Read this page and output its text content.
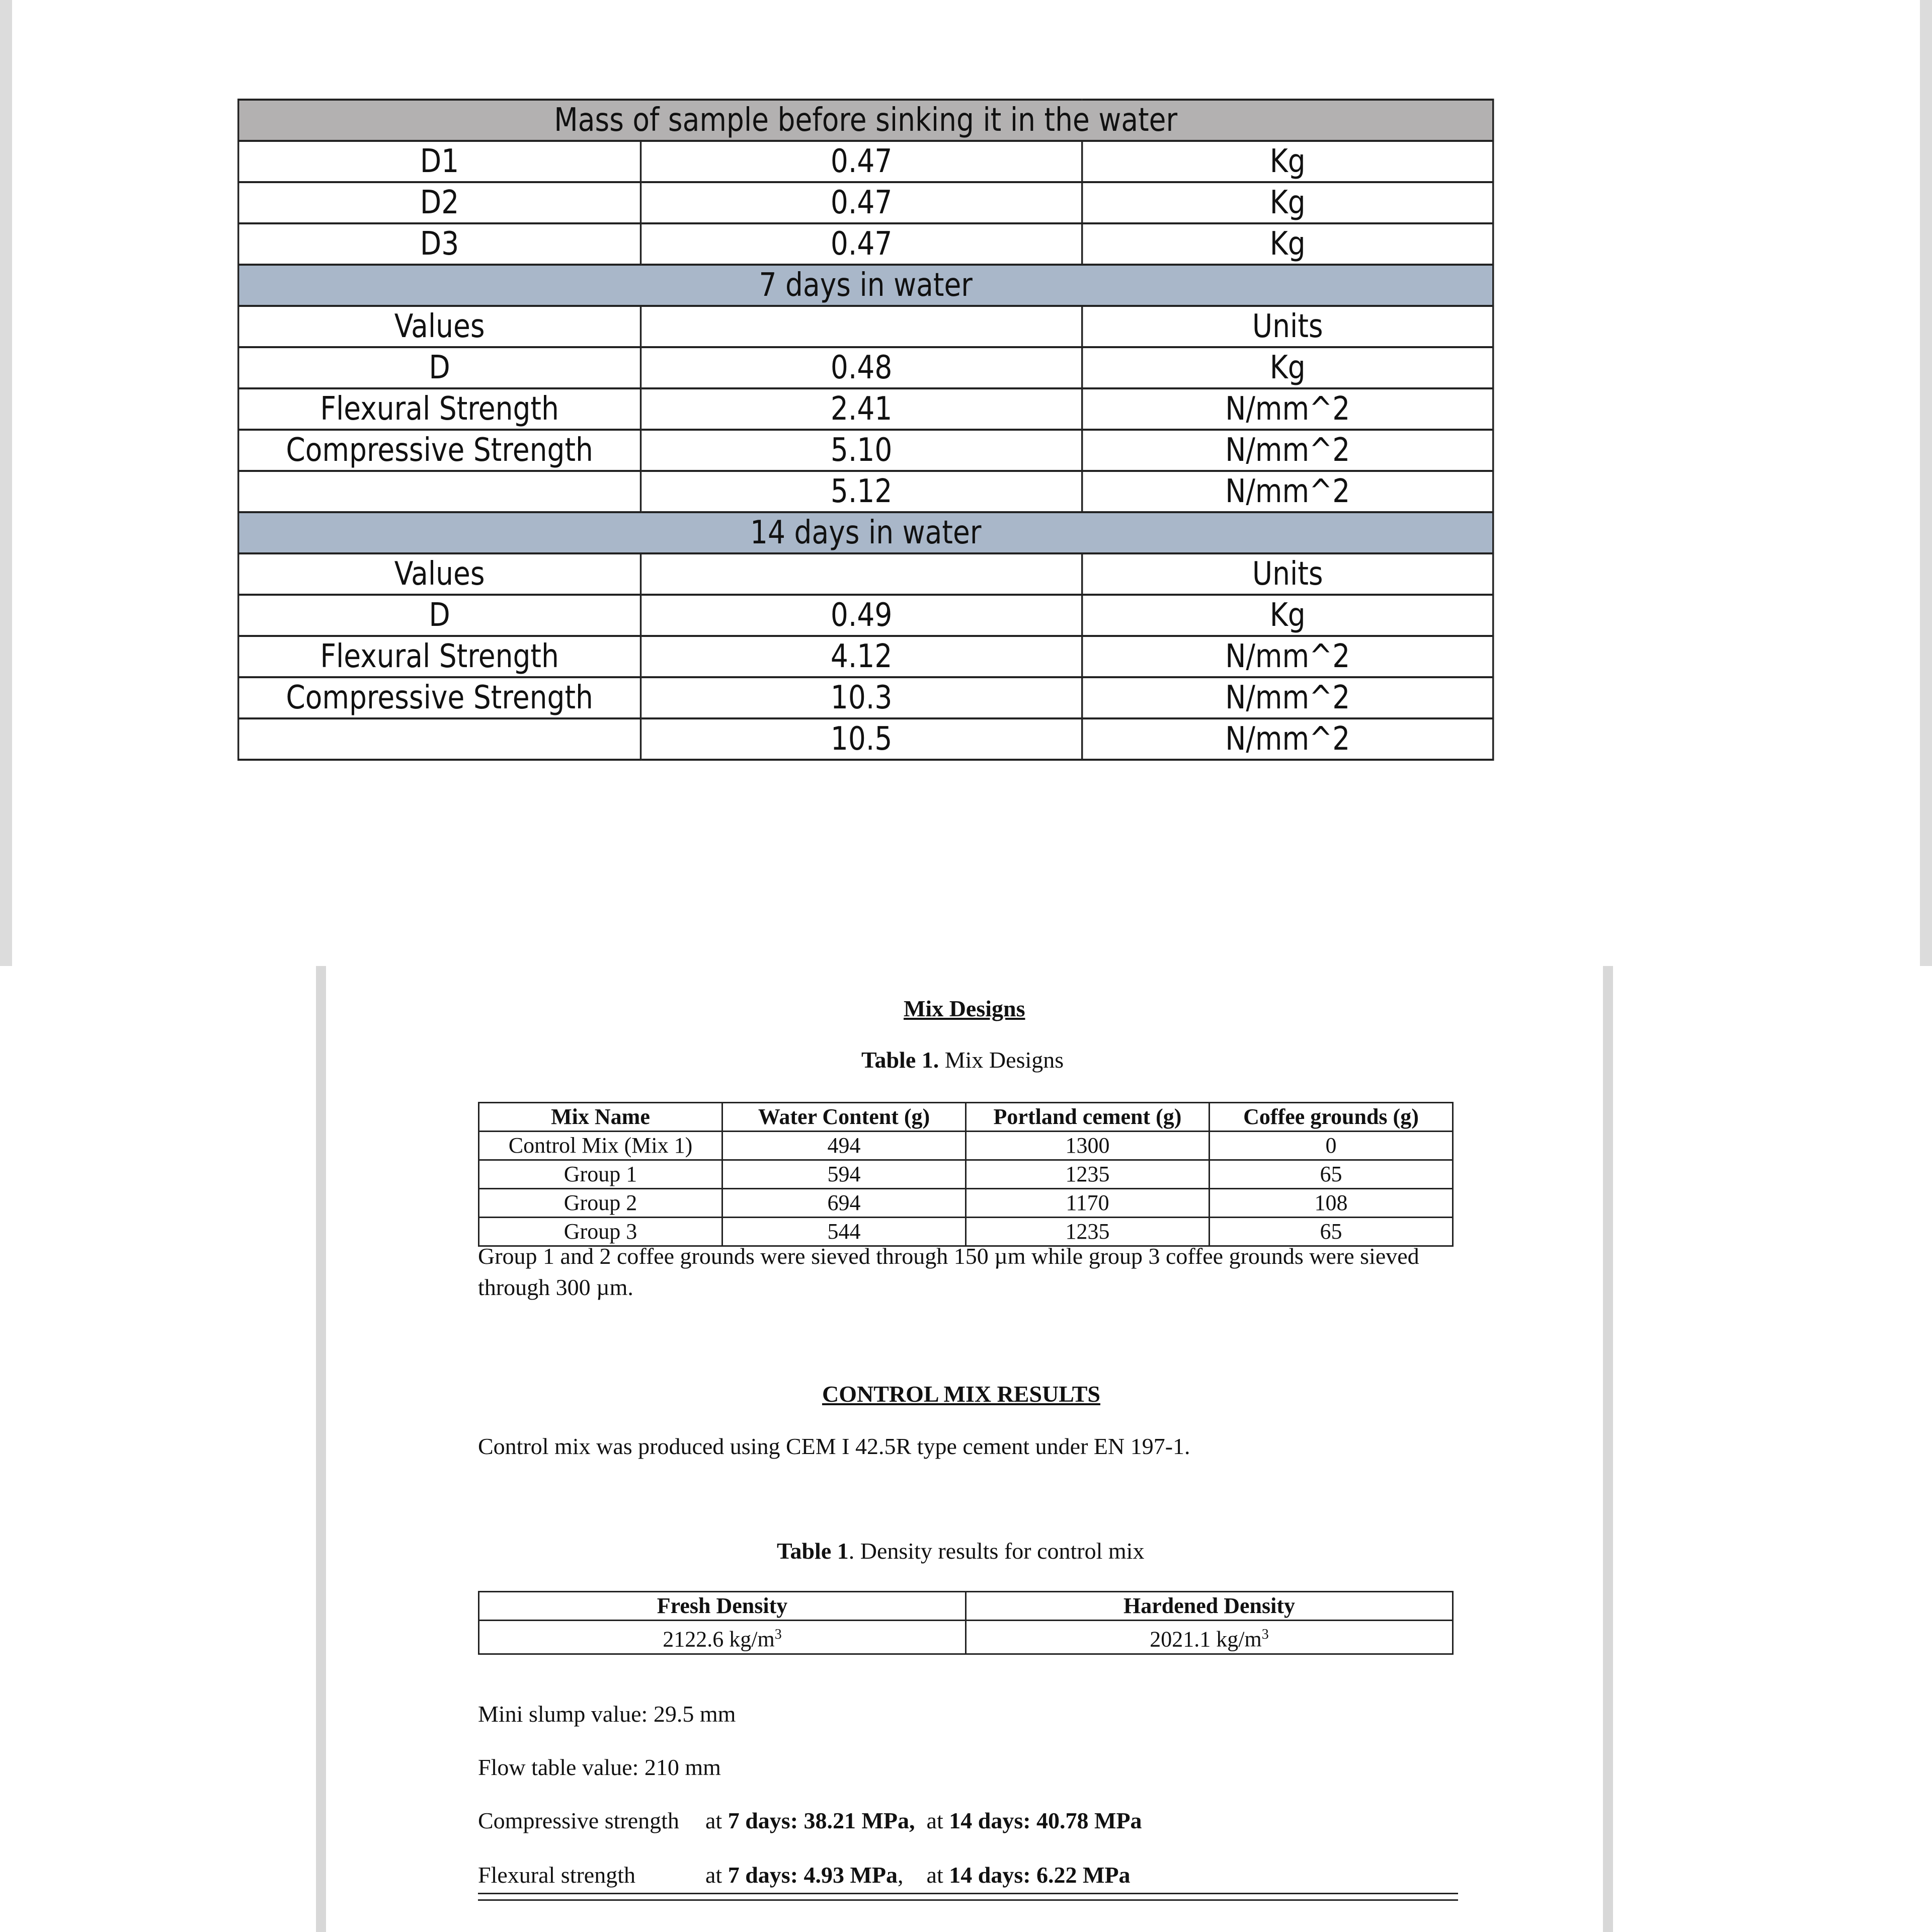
Mass of sample before sinking it in the water		
D1	0.47	Kg
D2	0.47	Kg
D3	0.47	Kg
7 days in water		
Values		Units
D	0.48	Kg
Flexural Strength	2.41	N/mm^2
Compressive Strength	5.10	N/mm^2
	5.12	N/mm^2
14 days in water		
Values		Units
D	0.49	Kg
Flexural Strength	4.12	N/mm^2
Compressive Strength	10.3	N/mm^2
	10.5	N/mm^2
Mix Designs
Table 1. Mix Designs
Mix Name	Water Content (g)	Portland cement (g)	Coffee grounds (g)
Control Mix (Mix 1)	494	1300	0
Group 1	594	1235	65
Group 2	694	1170	108
Group 3	544	1235	65
Group 1 and 2 coffee grounds were sieved through 150 µm while group 3 coffee grounds were sieved
through 300 µm.
CONTROL MIX RESULTS
Control mix was produced using CEM I 42.5R type cement under EN 197-1.
Table 1. Density results for control mix
Fresh Density	Hardened Density
2122.6 $kg/m^3$	2021.1 $kg/m^3$
Mini slump value: 29.5 mm
Flow table value: 210 mm
Compressive strength at 7 days: 38.21 MPa, at 14 days: 40.78 MPa
Flexural strength	at 7 days: 4.93 MPa, at 14 days: 6.22 MPa
